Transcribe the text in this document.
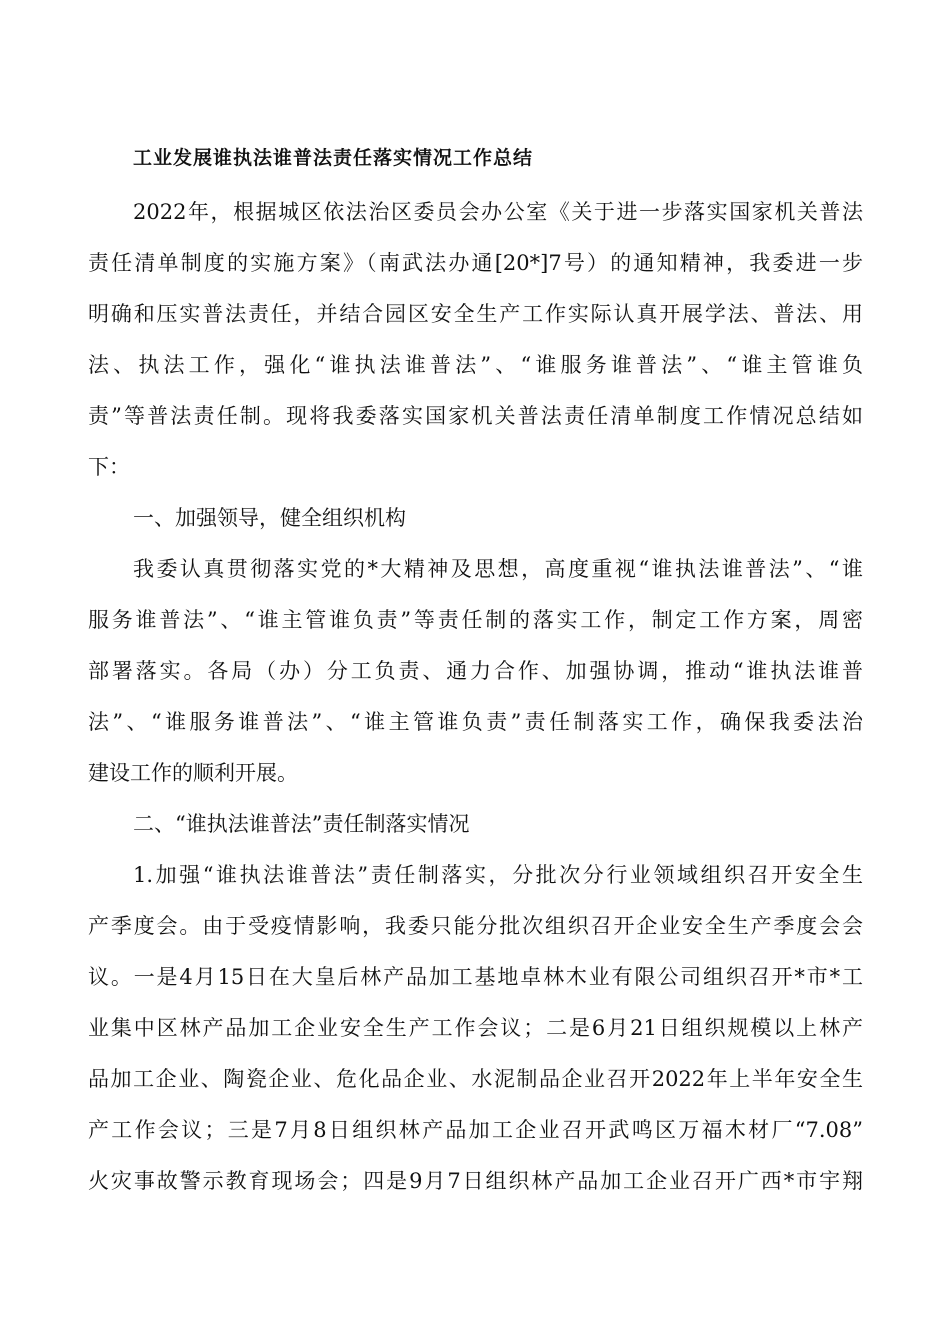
工业发展谁执法谁普法责任落实情况工作总结
2022年，根据城区依法治区委员会办公室《关于进一步落实国家机关普法
责任清单制度的实施方案》（南武法办通[20*]7号）的通知精神，我委进一步
明确和压实普法责任，并结合园区安全生产工作实际认真开展学法、普法、用
法、执法工作，强化“谁执法谁普法”、“谁服务谁普法”、“谁主管谁负
责”等普法责任制。现将我委落实国家机关普法责任清单制度工作情况总结如
下：
一、加强领导，健全组织机构
我委认真贯彻落实党的*大精神及思想，高度重视“谁执法谁普法”、“谁
服务谁普法”、“谁主管谁负责”等责任制的落实工作，制定工作方案，周密
部署落实。各局（办）分工负责、通力合作、加强协调，推动“谁执法谁普
法”、“谁服务谁普法”、“谁主管谁负责”责任制落实工作，确保我委法治
建设工作的顺利开展。
二、“谁执法谁普法”责任制落实情况
1.加强“谁执法谁普法”责任制落实，分批次分行业领域组织召开安全生
产季度会。由于受疫情影响，我委只能分批次组织召开企业安全生产季度会会
议。一是4月15日在大皇后林产品加工基地卓林木业有限公司组织召开*市*工
业集中区林产品加工企业安全生产工作会议；二是6月21日组织规模以上林产
品加工企业、陶瓷企业、危化品企业、水泥制品企业召开2022年上半年安全生
产工作会议；三是7月8日组织林产品加工企业召开武鸣区万福木材厂“7.08”
火灾事故警示教育现场会；四是9月7日组织林产品加工企业召开广西*市宇翔
